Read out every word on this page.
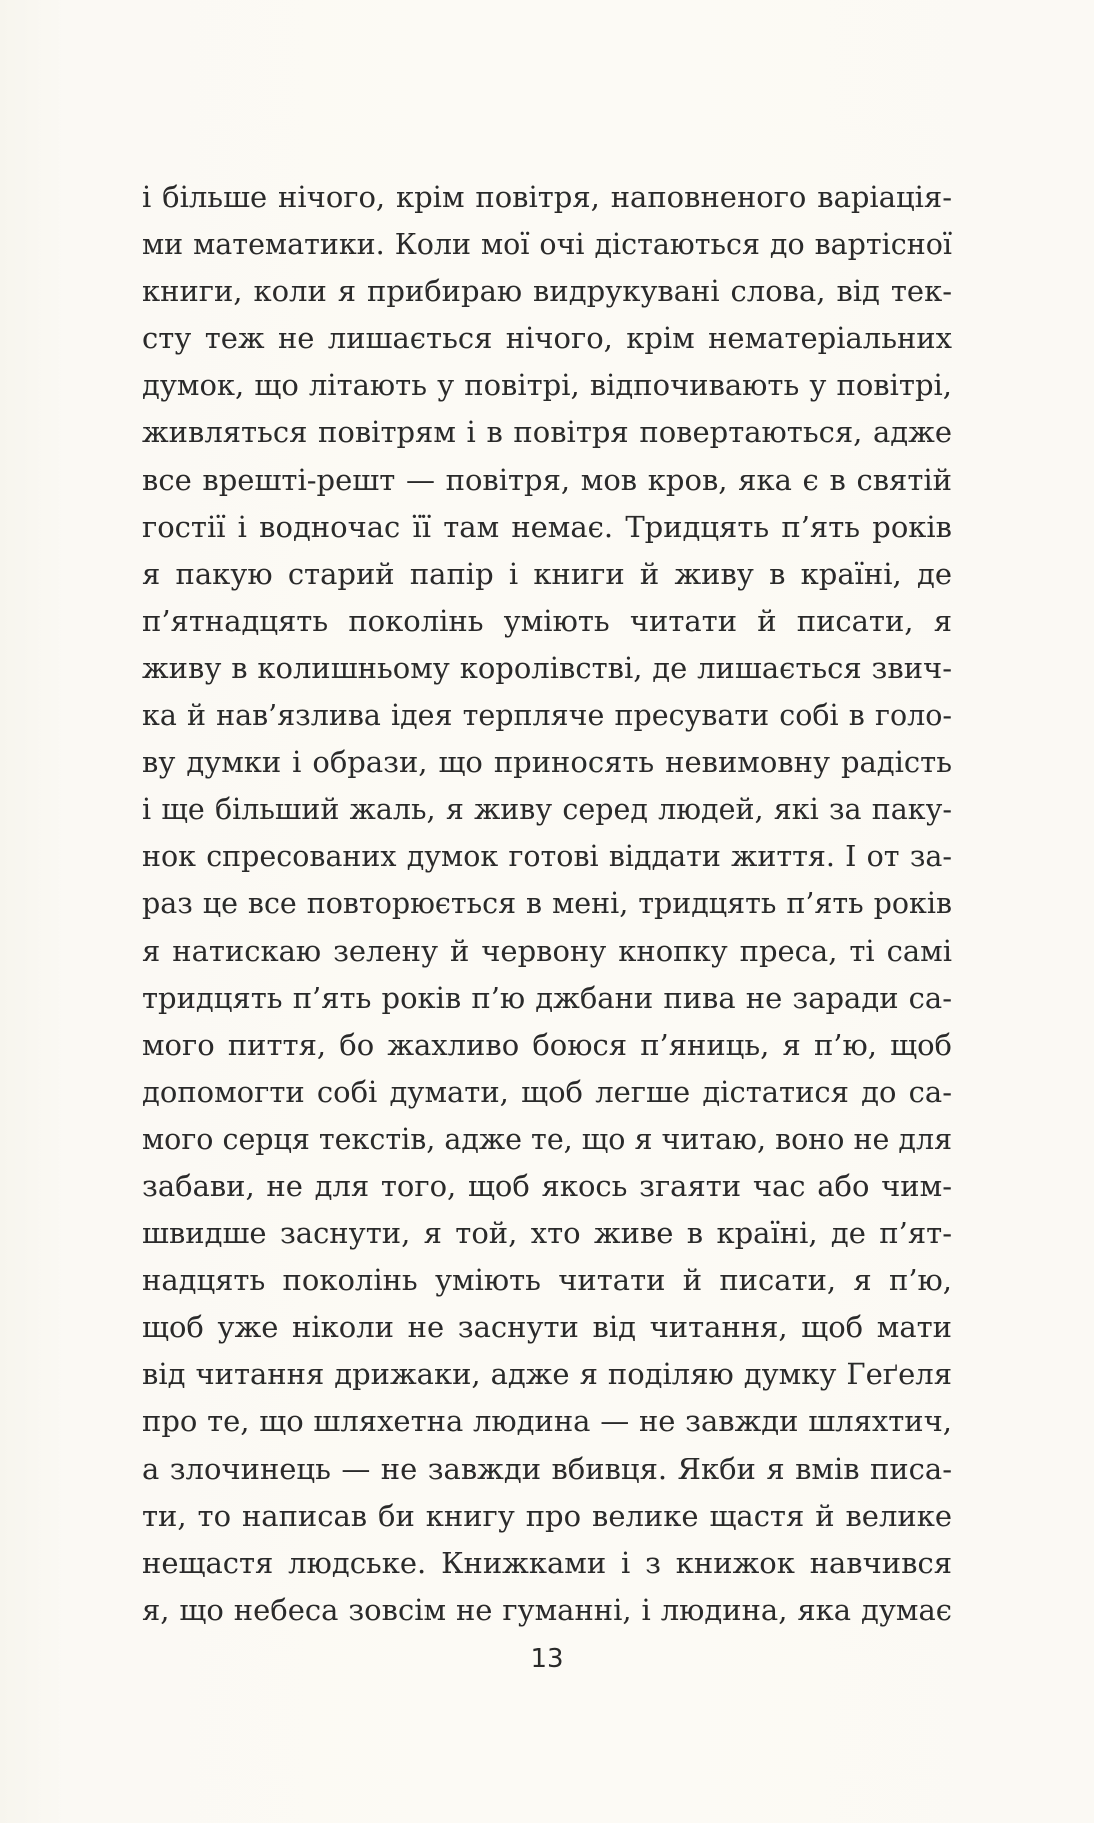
і більше нічого, крім повітря, наповненого варіація-
ми математики. Коли мої очі дістаються до вартісної
книги, коли я прибираю видрукувані слова, від тек-
сту теж не лишається нічого, крім нематеріальних
думок, що літають у повітрі, відпочивають у повітрі,
живляться повітрям і в повітря повертаються, адже
все врешті-решт — повітря, мов кров, яка є в святій
гостії і водночас її там немає. Тридцять п’ять років
я пакую старий папір і книги й живу в країні, де
п’ятнадцять поколінь уміють читати й писати, я
живу в колишньому королівстві, де лишається звич-
ка й нав’язлива ідея терпляче пресувати собі в голо-
ву думки і образи, що приносять невимовну радість
і ще більший жаль, я живу серед людей, які за паку-
нок спресованих думок готові віддати життя. І от за-
раз це все повторюється в мені, тридцять п’ять років
я натискаю зелену й червону кнопку преса, ті самі
тридцять п’ять років п’ю джбани пива не заради са-
мого пиття, бо жахливо боюся п’яниць, я п’ю, щоб
допомогти собі думати, щоб легше дістатися до са-
мого серця текстів, адже те, що я читаю, воно не для
забави, не для того, щоб якось згаяти час або чим-
швидше заснути, я той, хто живе в країні, де п’ят-
надцять поколінь уміють читати й писати, я п’ю,
щоб уже ніколи не заснути від читання, щоб мати
від читання дрижаки, адже я поділяю думку Геґеля
про те, що шляхетна людина — не завжди шляхтич,
а злочинець — не завжди вбивця. Якби я вмів писа-
ти, то написав би книгу про велике щастя й велике
нещастя людське. Книжками і з книжок навчився
я, що небеса зовсім не гуманні, і людина, яка думає
13
